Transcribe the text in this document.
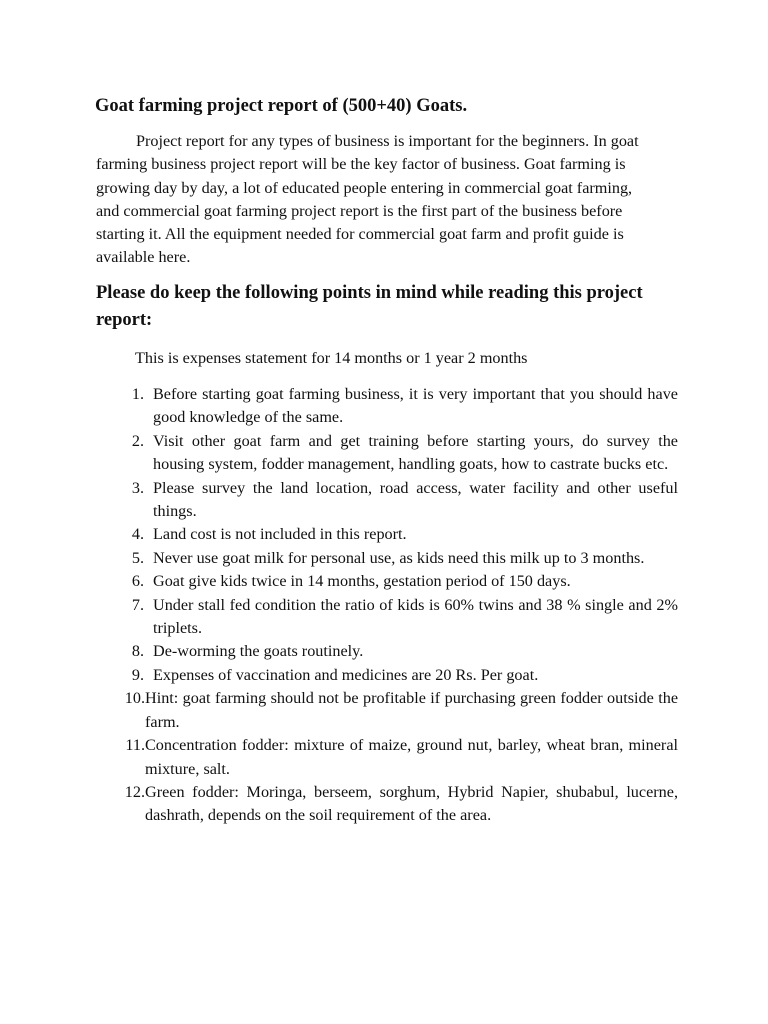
Goat farming project report of (500+40) Goats.

Project report for any types of business is important for the beginners. In goat farming business project report will be the key factor of business. Goat farming is growing day by day, a lot of educated people entering in commercial goat farming, and commercial goat farming project report is the first part of the business before starting it. All the equipment needed for commercial goat farm and profit guide is available here.

Please do keep the following points in mind while reading this project report:

This is expenses statement for 14 months or 1 year 2 months

1. Before starting goat farming business, it is very important that you should have good knowledge of the same.
2. Visit other goat farm and get training before starting yours, do survey the housing system, fodder management, handling goats, how to castrate bucks etc.
3. Please survey the land location, road access, water facility and other useful things.
4. Land cost is not included in this report.
5. Never use goat milk for personal use, as kids need this milk up to 3 months.
6. Goat give kids twice in 14 months, gestation period of 150 days.
7. Under stall fed condition the ratio of kids is 60% twins and 38 % single and 2% triplets.
8. De-worming the goats routinely.
9. Expenses of vaccination and medicines are 20 Rs. Per goat.
10. Hint: goat farming should not be profitable if purchasing green fodder outside the farm.
11. Concentration fodder: mixture of maize, ground nut, barley, wheat bran, mineral mixture, salt.
12. Green fodder: Moringa, berseem, sorghum, Hybrid Napier, shubabul, lucerne, dashrath, depends on the soil requirement of the area.
